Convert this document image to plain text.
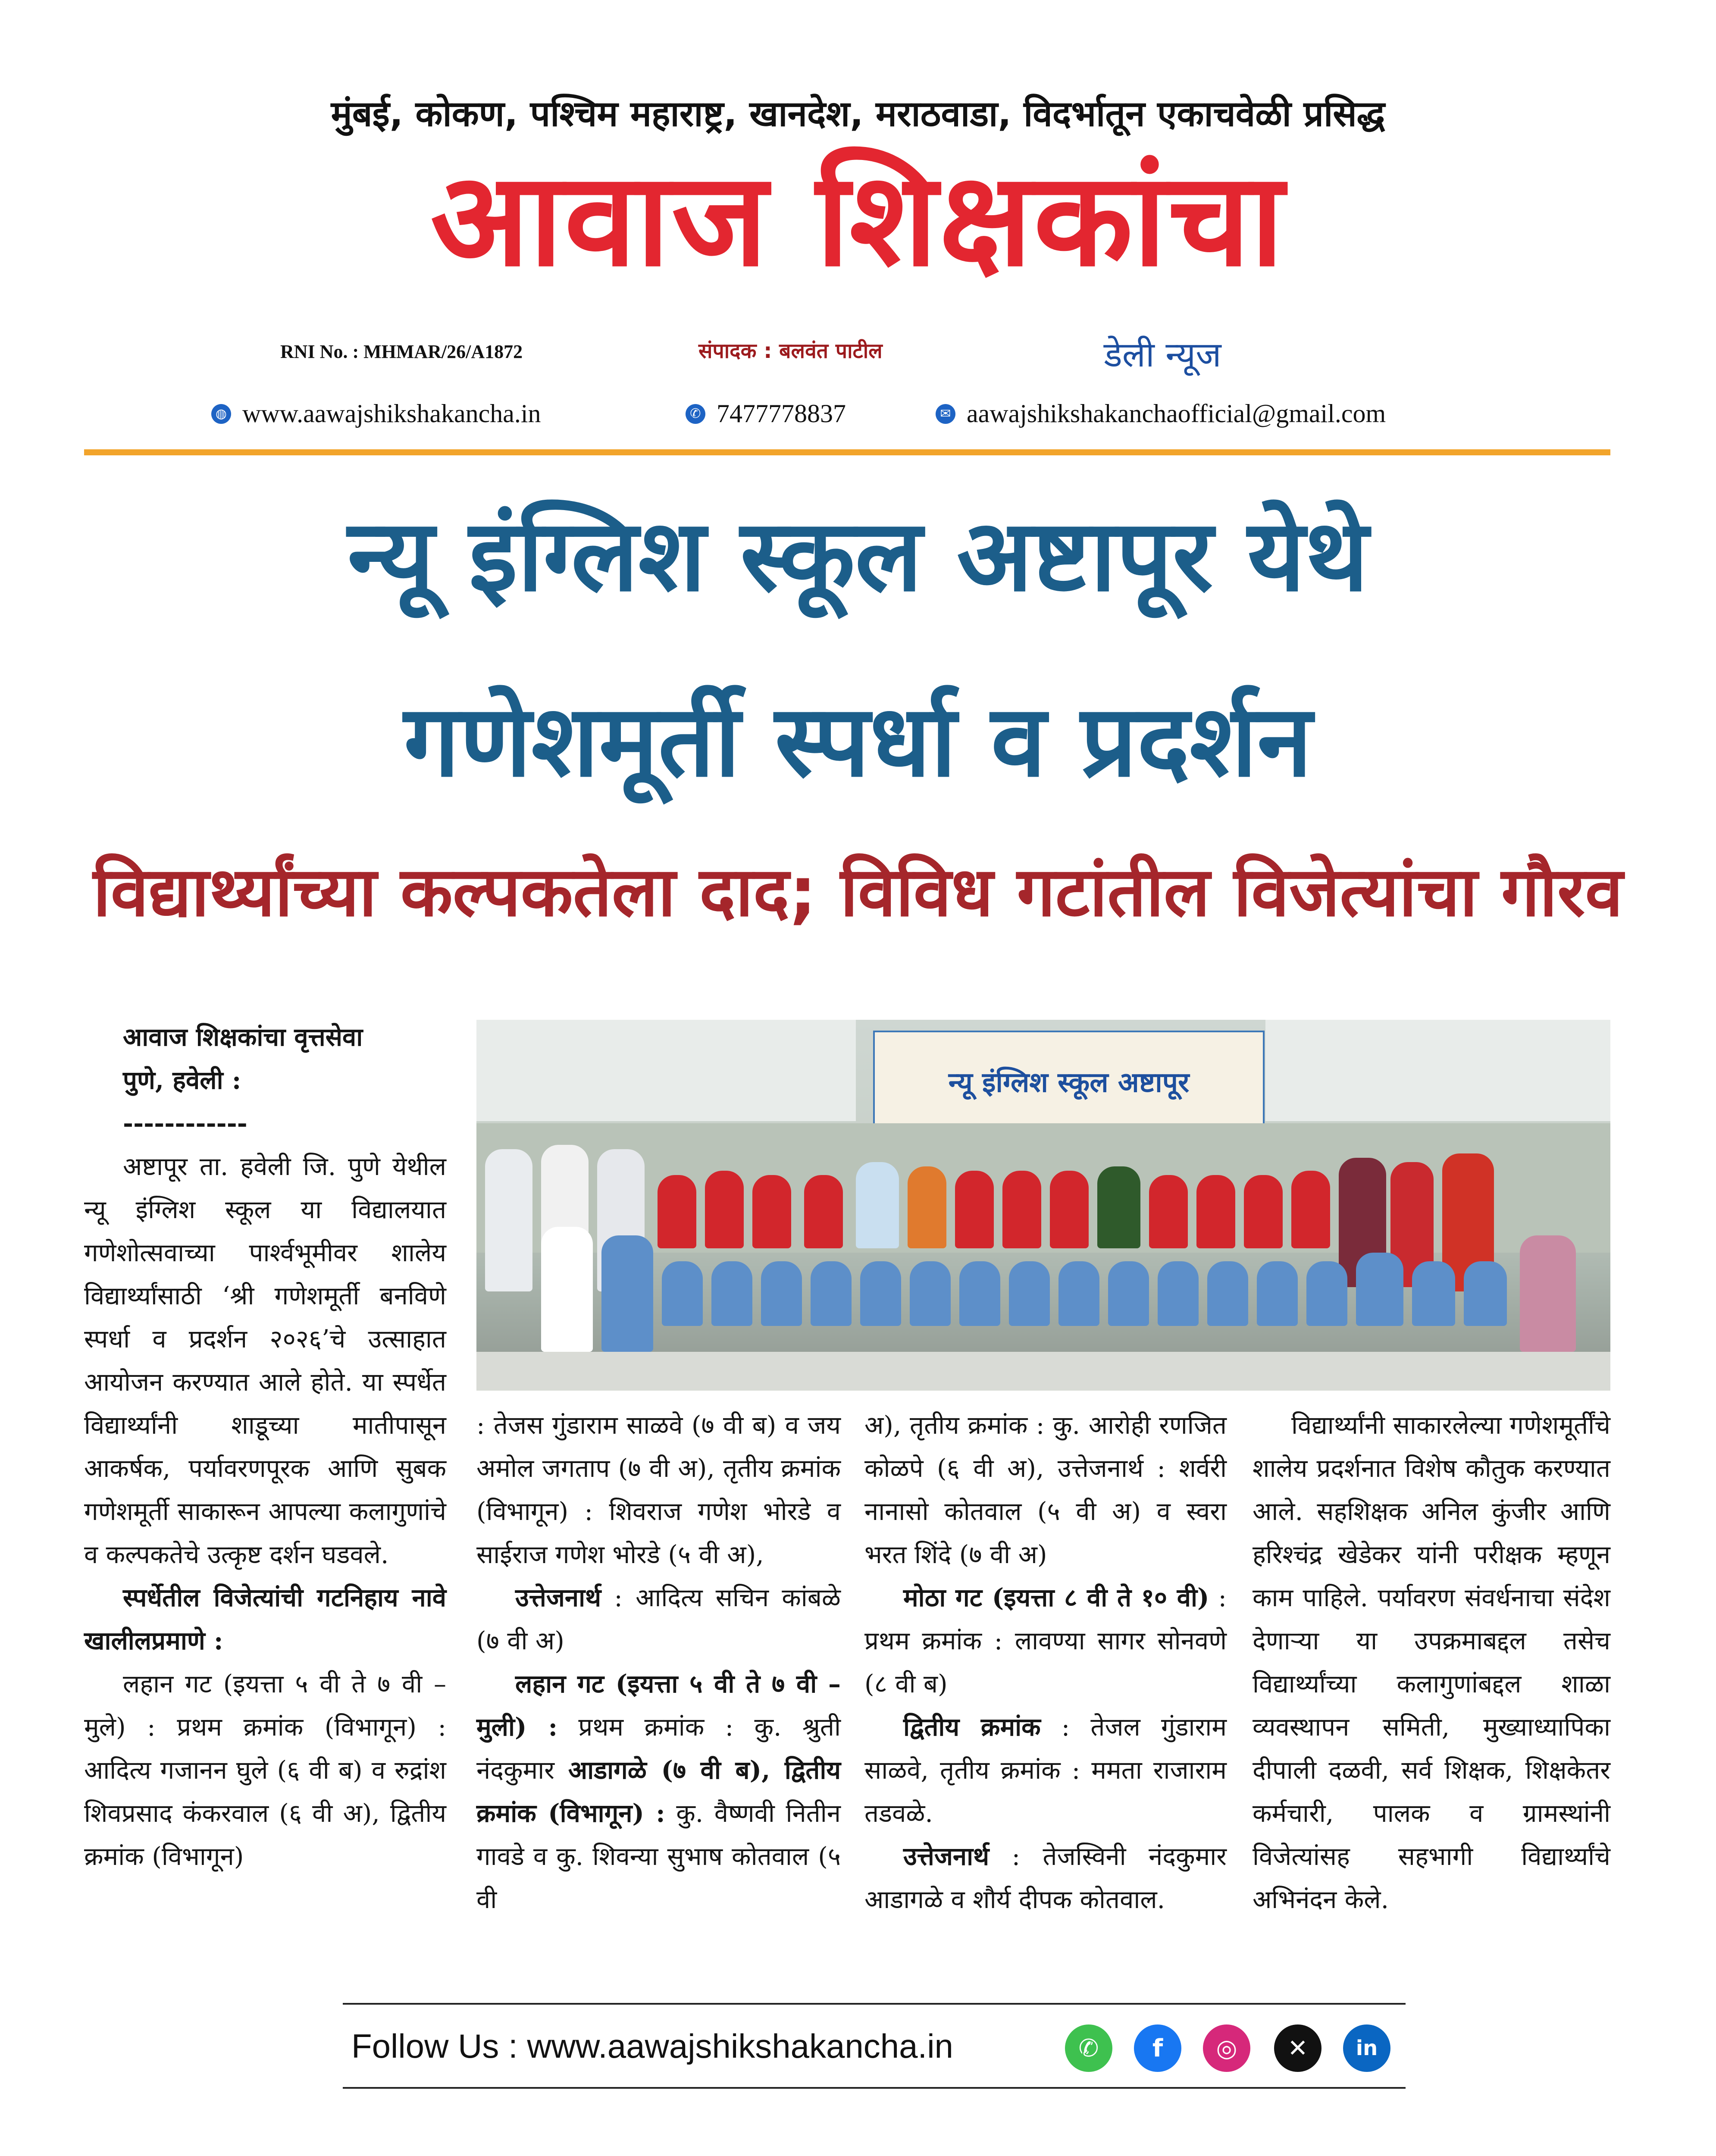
मुंबई, कोकण, पश्चिम महाराष्ट्र, खानदेश, मराठवाडा, विदर्भातून एकाचवेळी प्रसिद्ध
आवाज शिक्षकांचा
RNI No. : MHMAR/26/A1872	संपादक : बलवंत पाटील	डेली न्यूज
◍ www.aawajshikshakancha.in	✆ 7477778837	✉ aawajshikshakanchaofficial@gmail.com
न्यू इंग्लिश स्कूल अष्टापूर येथे
गणेशमूर्ती स्पर्धा व प्रदर्शन
विद्यार्थ्यांच्या कल्पकतेला दाद; विविध गटांतील विजेत्यांचा गौरव
न्यू इंग्लिश स्कूल अष्टापूर

आवाज शिक्षकांचा वृत्तसेवा

पुणे, हवेली :

------------

अष्टापूर ता. हवेली जि. पुणे येथील न्यू इंग्लिश स्कूल या विद्यालयात गणेशोत्सवाच्या पार्श्वभूमीवर शालेय विद्यार्थ्यांसाठी ‘श्री गणेशमूर्ती बनविणे स्पर्धा व प्रदर्शन २०२६’चे उत्साहात आयोजन करण्यात आले होते. या स्पर्धेत विद्यार्थ्यांनी शाडूच्या मातीपासून आकर्षक, पर्यावरणपूरक आणि सुबक गणेशमूर्ती साकारून आपल्या कलागुणांचे व कल्पकतेचे उत्कृष्ट दर्शन घडवले.

स्पर्धेतील विजेत्यांची गटनिहाय नावे खालीलप्रमाणे :

लहान गट (इयत्ता ५ वी ते ७ वी – मुले) : प्रथम क्रमांक (विभागून) : आदित्य गजानन घुले (६ वी ब) व रुद्रांश शिवप्रसाद कंकरवाल (६ वी अ), द्वितीय क्रमांक (विभागून)

: तेजस गुंडाराम साळवे (७ वी ब) व जय अमोल जगताप (७ वी अ), तृतीय क्रमांक (विभागून) : शिवराज गणेश भोरडे व साईराज गणेश भोरडे (५ वी अ),

उत्तेजनार्थ : आदित्य सचिन कांबळे (७ वी अ)

लहान गट (इयत्ता ५ वी ते ७ वी – मुली) : प्रथम क्रमांक : कु. श्रुती नंदकुमार आडागळे (७ वी ब), द्वितीय क्रमांक (विभागून) : कु. वैष्णवी नितीन गावडे व कु. शिवन्या सुभाष कोतवाल (५ वी

अ), तृतीय क्रमांक : कु. आरोही रणजित कोळपे (६ वी अ), उत्तेजनार्थ : शर्वरी नानासो कोतवाल (५ वी अ) व स्वरा भरत शिंदे (७ वी अ)

मोठा गट (इयत्ता ८ वी ते १० वी) : प्रथम क्रमांक : लावण्या सागर सोनवणे (८ वी ब)

द्वितीय क्रमांक : तेजल गुंडाराम साळवे, तृतीय क्रमांक : ममता राजाराम तडवळे.

उत्तेजनार्थ : तेजस्विनी नंदकुमार आडागळे व शौर्य दीपक कोतवाल.

विद्यार्थ्यांनी साकारलेल्या गणेशमूर्तींचे शालेय प्रदर्शनात विशेष कौतुक करण्यात आले. सहशिक्षक अनिल कुंजीर आणि हरिश्चंद्र खेडेकर यांनी परीक्षक म्हणून काम पाहिले. पर्यावरण संवर्धनाचा संदेश देणाऱ्या या उपक्रमाबद्दल तसेच विद्यार्थ्यांच्या कलागुणांबद्दल शाळा व्यवस्थापन समिती, मुख्याध्यापिका दीपाली दळवी, सर्व शिक्षक, शिक्षकेतर कर्मचारी, पालक व ग्रामस्थांनी विजेत्यांसह सहभागी विद्यार्थ्यांचे अभिनंदन केले.

Follow Us : www.aawajshikshakancha.in	✆	f	◎	✕	in
